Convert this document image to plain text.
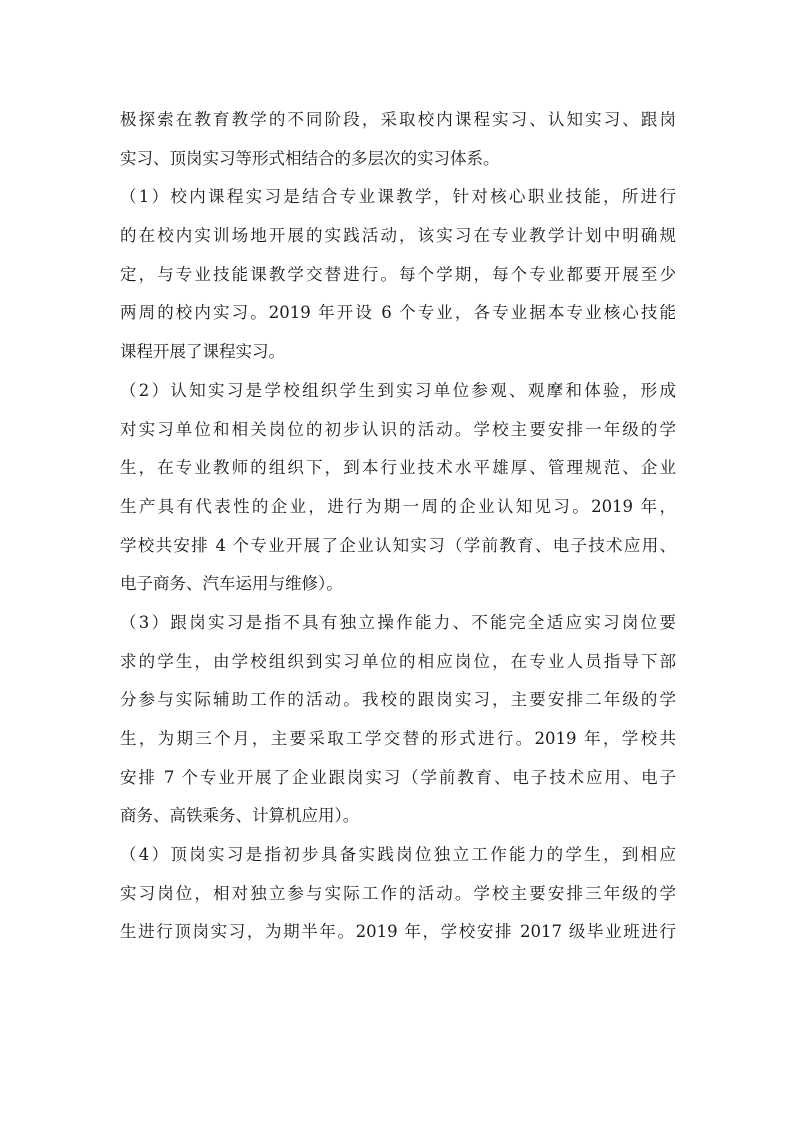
极探索在教育教学的不同阶段，采取校内课程实习、认知实习、跟岗
实习、顶岗实习等形式相结合的多层次的实习体系。
（1）校内课程实习是结合专业课教学，针对核心职业技能，所进行
的在校内实训场地开展的实践活动，该实习在专业教学计划中明确规
定，与专业技能课教学交替进行。每个学期，每个专业都要开展至少
两周的校内实习。2019 年开设 6 个专业，各专业据本专业核心技能
课程开展了课程实习。
（2）认知实习是学校组织学生到实习单位参观、观摩和体验，形成
对实习单位和相关岗位的初步认识的活动。学校主要安排一年级的学
生，在专业教师的组织下，到本行业技术水平雄厚、管理规范、企业
生产具有代表性的企业，进行为期一周的企业认知见习。2019 年，
学校共安排 4 个专业开展了企业认知实习（学前教育、电子技术应用、
电子商务、汽车运用与维修）。
（3）跟岗实习是指不具有独立操作能力、不能完全适应实习岗位要
求的学生，由学校组织到实习单位的相应岗位，在专业人员指导下部
分参与实际辅助工作的活动。我校的跟岗实习，主要安排二年级的学
生，为期三个月，主要采取工学交替的形式进行。2019 年，学校共
安排 7 个专业开展了企业跟岗实习（学前教育、电子技术应用、电子
商务、高铁乘务、计算机应用）。
（4）顶岗实习是指初步具备实践岗位独立工作能力的学生，到相应
实习岗位，相对独立参与实际工作的活动。学校主要安排三年级的学
生进行顶岗实习，为期半年。2019 年，学校安排 2017 级毕业班进行
